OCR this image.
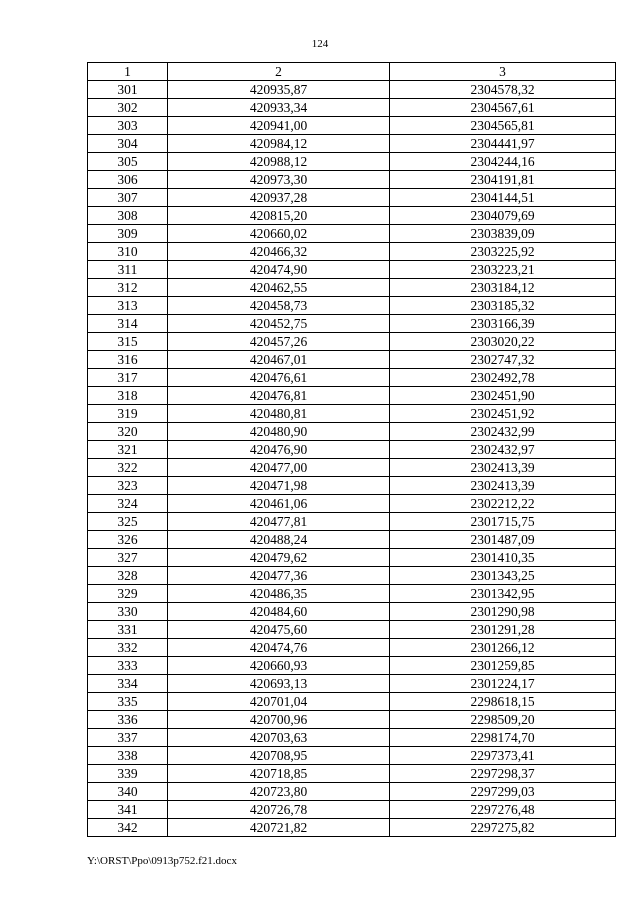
124
1	2	3
301	420935,87	2304578,32
302	420933,34	2304567,61
303	420941,00	2304565,81
304	420984,12	2304441,97
305	420988,12	2304244,16
306	420973,30	2304191,81
307	420937,28	2304144,51
308	420815,20	2304079,69
309	420660,02	2303839,09
310	420466,32	2303225,92
311	420474,90	2303223,21
312	420462,55	2303184,12
313	420458,73	2303185,32
314	420452,75	2303166,39
315	420457,26	2303020,22
316	420467,01	2302747,32
317	420476,61	2302492,78
318	420476,81	2302451,90
319	420480,81	2302451,92
320	420480,90	2302432,99
321	420476,90	2302432,97
322	420477,00	2302413,39
323	420471,98	2302413,39
324	420461,06	2302212,22
325	420477,81	2301715,75
326	420488,24	2301487,09
327	420479,62	2301410,35
328	420477,36	2301343,25
329	420486,35	2301342,95
330	420484,60	2301290,98
331	420475,60	2301291,28
332	420474,76	2301266,12
333	420660,93	2301259,85
334	420693,13	2301224,17
335	420701,04	2298618,15
336	420700,96	2298509,20
337	420703,63	2298174,70
338	420708,95	2297373,41
339	420718,85	2297298,37
340	420723,80	2297299,03
341	420726,78	2297276,48
342	420721,82	2297275,82
Y:\ORST\Ppo\0913p752.f21.docx
